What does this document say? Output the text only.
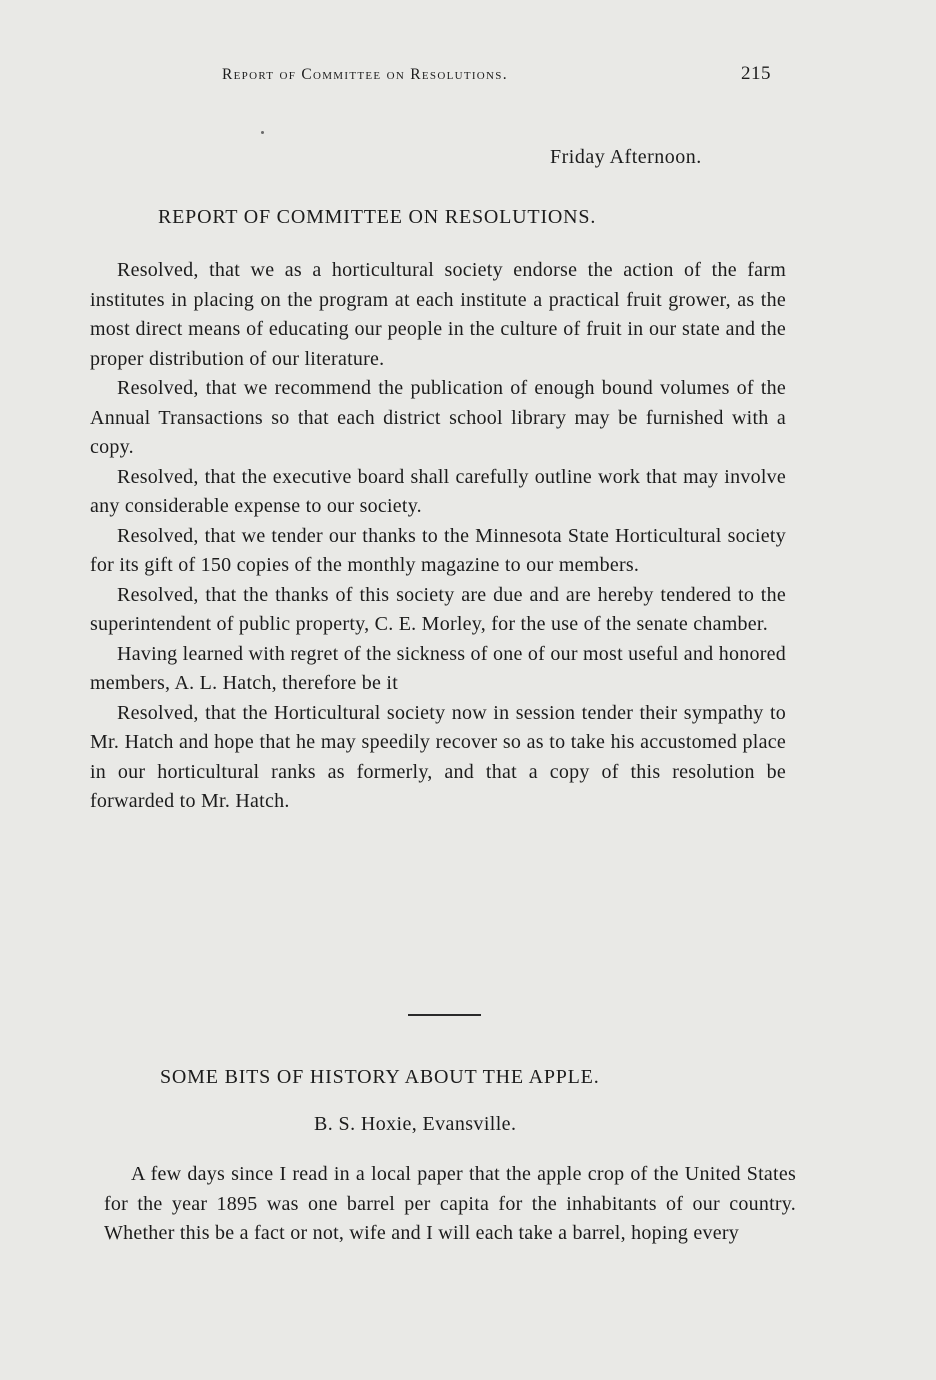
Report of Committee on Resolutions.	215
Friday Afternoon.
REPORT OF COMMITTEE ON RESOLUTIONS.

Resolved, that we as a horticultural society endorse the action of the farm institutes in placing on the program at each institute a practical fruit grower, as the most direct means of educating our people in the culture of fruit in our state and the proper distribution of our literature.

Resolved, that we recommend the publication of enough bound volumes of the Annual Transactions so that each district school library may be furnished with a copy.

Resolved, that the executive board shall carefully outline work that may involve any considerable expense to our society.

Resolved, that we tender our thanks to the Minnesota State Horticultural society for its gift of 150 copies of the monthly magazine to our members.

Resolved, that the thanks of this society are due and are hereby tendered to the superintendent of public property, C. E. Morley, for the use of the senate chamber.

Having learned with regret of the sickness of one of our most useful and honored members, A. L. Hatch, therefore be it

Resolved, that the Horticultural society now in session tender their sympathy to Mr. Hatch and hope that he may speedily recover so as to take his accustomed place in our horticultural ranks as formerly, and that a copy of this resolution be forwarded to Mr. Hatch.

SOME BITS OF HISTORY ABOUT THE APPLE.
B. S. Hoxie, Evansville.

A few days since I read in a local paper that the apple crop of the United States for the year 1895 was one barrel per capita for the inhabitants of our country. Whether this be a fact or not, wife and I will each take a barrel, hoping every
